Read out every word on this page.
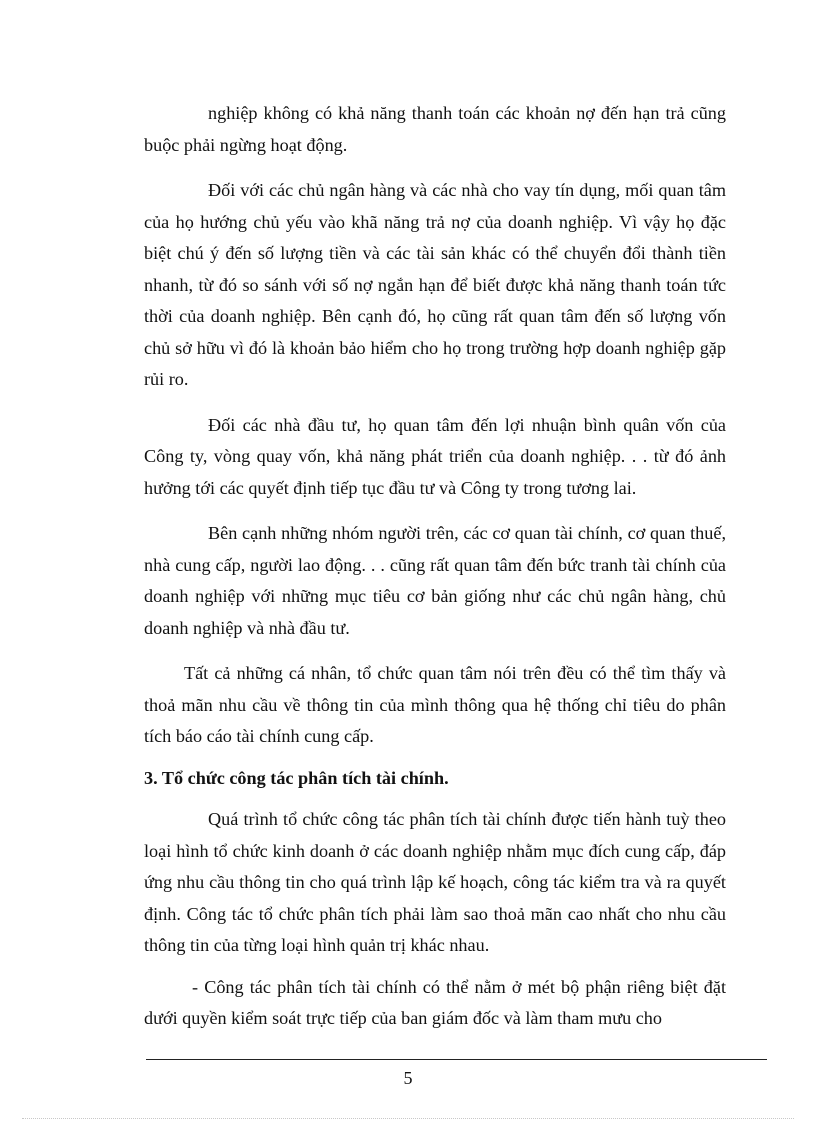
nghiệp không có khả năng thanh toán các khoản nợ đến hạn trả cũng buộc phải ngừng hoạt động.

Đối với các chủ ngân hàng và các nhà cho vay tín dụng, mối quan tâm của họ hướng chủ yếu vào khã năng trả nợ của doanh nghiệp. Vì vậy họ đặc biệt chú ý đến số lượng tiền và các tài sản khác có thể chuyển đổi thành tiền nhanh, từ đó so sánh với số nợ ngắn hạn để biết được khả năng thanh toán tức thời của doanh nghiệp. Bên cạnh đó, họ cũng rất quan tâm đến số lượng vốn chủ sở hữu vì đó là khoản bảo hiểm cho họ trong trường hợp doanh nghiệp gặp rủi ro.

Đối các nhà đầu tư, họ quan tâm đến lợi nhuận bình quân vốn của Công ty, vòng quay vốn, khả năng phát triển của doanh nghiệp. . . từ đó ảnh hưởng tới các quyết định tiếp tục đầu tư và Công ty trong tương lai.

Bên cạnh những nhóm người trên, các cơ quan tài chính, cơ quan thuế, nhà cung cấp, người lao động. . . cũng rất quan tâm đến bức tranh tài chính của doanh nghiệp với những mục tiêu cơ bản giống như các chủ ngân hàng, chủ doanh nghiệp và nhà đầu tư.

Tất cả những cá nhân, tổ chức quan tâm nói trên đều có thể tìm thấy và thoả mãn nhu cầu về thông tin của mình thông qua hệ thống chỉ tiêu do phân tích báo cáo tài chính cung cấp.

3. Tổ chức công tác phân tích tài chính.

Quá trình tổ chức công tác phân tích tài chính được tiến hành tuỳ theo loại hình tổ chức kinh doanh ở các doanh nghiệp nhằm mục đích cung cấp, đáp ứng nhu cầu thông tin cho quá trình lập kế hoạch, công tác kiểm tra và ra quyết định. Công tác tổ chức phân tích phải làm sao thoả mãn cao nhất cho nhu cầu thông tin của từng loại hình quản trị khác nhau.

- Công tác phân tích tài chính có thể nằm ở mét bộ phận riêng biệt đặt dưới quyền kiểm soát trực tiếp của ban giám đốc và làm tham mưu cho

5
